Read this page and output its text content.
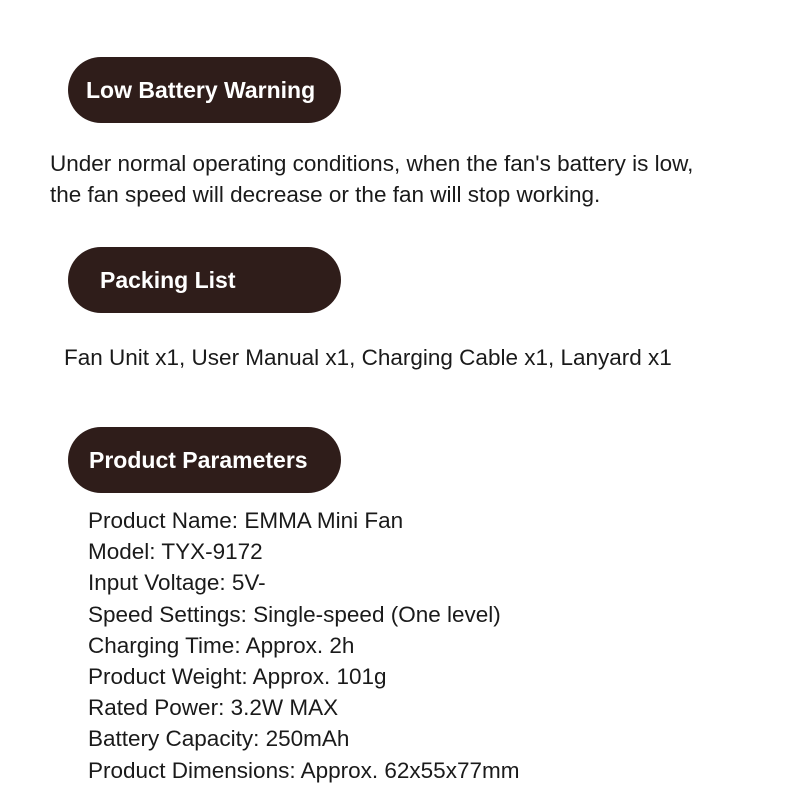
Low Battery Warning
Under normal operating conditions, when the fan's battery is low,
the fan speed will decrease or the fan will stop working.
Packing List
Fan Unit x1, User Manual x1, Charging Cable x1, Lanyard x1
Product Parameters
Product Name: EMMA Mini Fan
Model: TYX-9172
Input Voltage: 5V-
Speed Settings: Single-speed (One level)
Charging Time: Approx. 2h
Product Weight: Approx. 101g
Rated Power: 3.2W MAX
Battery Capacity: 250mAh
Product Dimensions: Approx. 62x55x77mm
